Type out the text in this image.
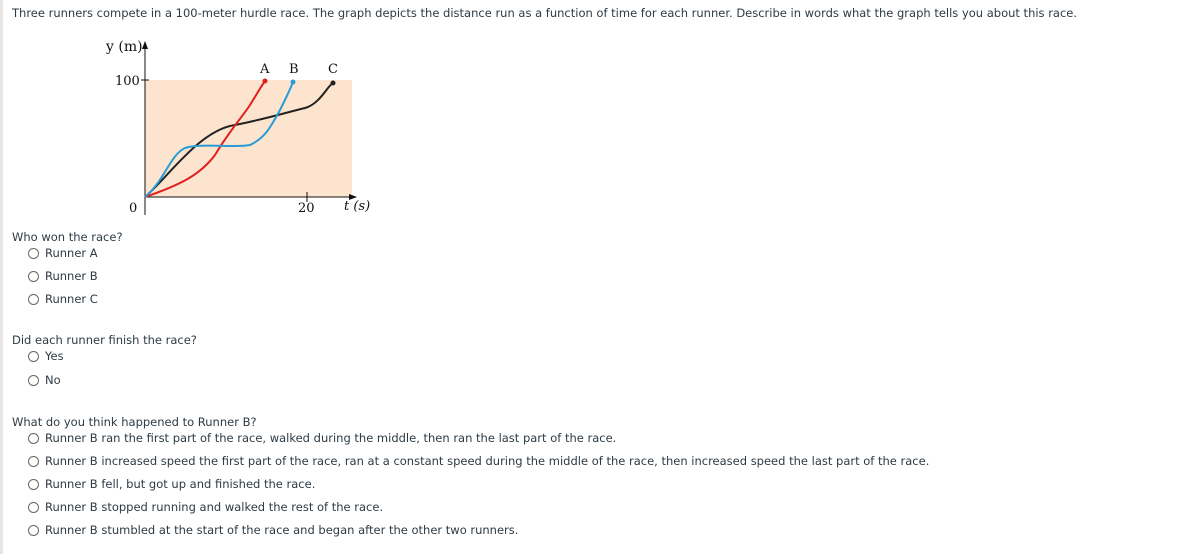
Three runners compete in a 100-meter hurdle race. The graph depicts the distance run as a function of time for each runner. Describe in words what the graph tells you about this race.
y (m)
100
0	20 t (s)
A B C
Who won the race?
Runner A
Runner B
Runner C
Did each runner finish the race?
Yes
No
What do you think happened to Runner B?
Runner B ran the first part of the race, walked during the middle, then ran the last part of the race.
Runner B increased speed the first part of the race, ran at a constant speed during the middle of the race, then increased speed the last part of the race.
Runner B fell, but got up and finished the race.
Runner B stopped running and walked the rest of the race.
Runner B stumbled at the start of the race and began after the other two runners.
